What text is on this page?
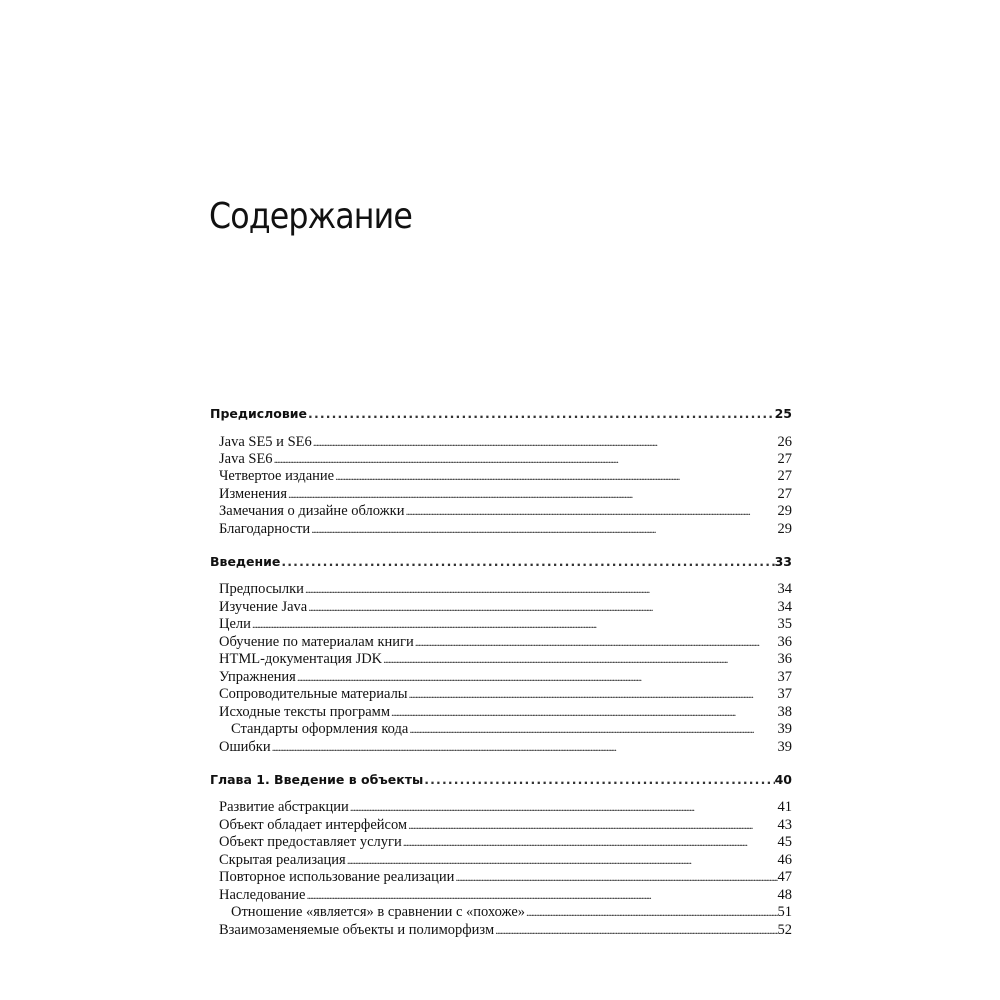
Содержание
Предисловие . . .	25
Java SE5 и SE6 . . .	26
Java SE6 . . .	27
Четвертое издание . . .	27
Изменения . . .	27
Замечания о дизайне обложки . . .	29
Благодарности . . .	29
Введение . . .	33
Предпосылки . . .	34
Изучение Java . . .	34
Цели . . .	35
Обучение по материалам книги . . .	36
HTML-документация JDK . . .	36
Упражнения . . .	37
Сопроводительные материалы . . .	37
Исходные тексты программ . . .	38
Стандарты оформления кода . . .	39
Ошибки . . .	39
Глава 1. Введение в объекты . . .	40
Развитие абстракции . . .	41
Объект обладает интерфейсом . . .	43
Объект предоставляет услуги . . .	45
Скрытая реализация . . .	46
Повторное использование реализации . . .	47
Наследование . . .	48
Отношение «является» в сравнении с «похоже» . . .	51
Взаимозаменяемые объекты и полиморфизм . . .	52
